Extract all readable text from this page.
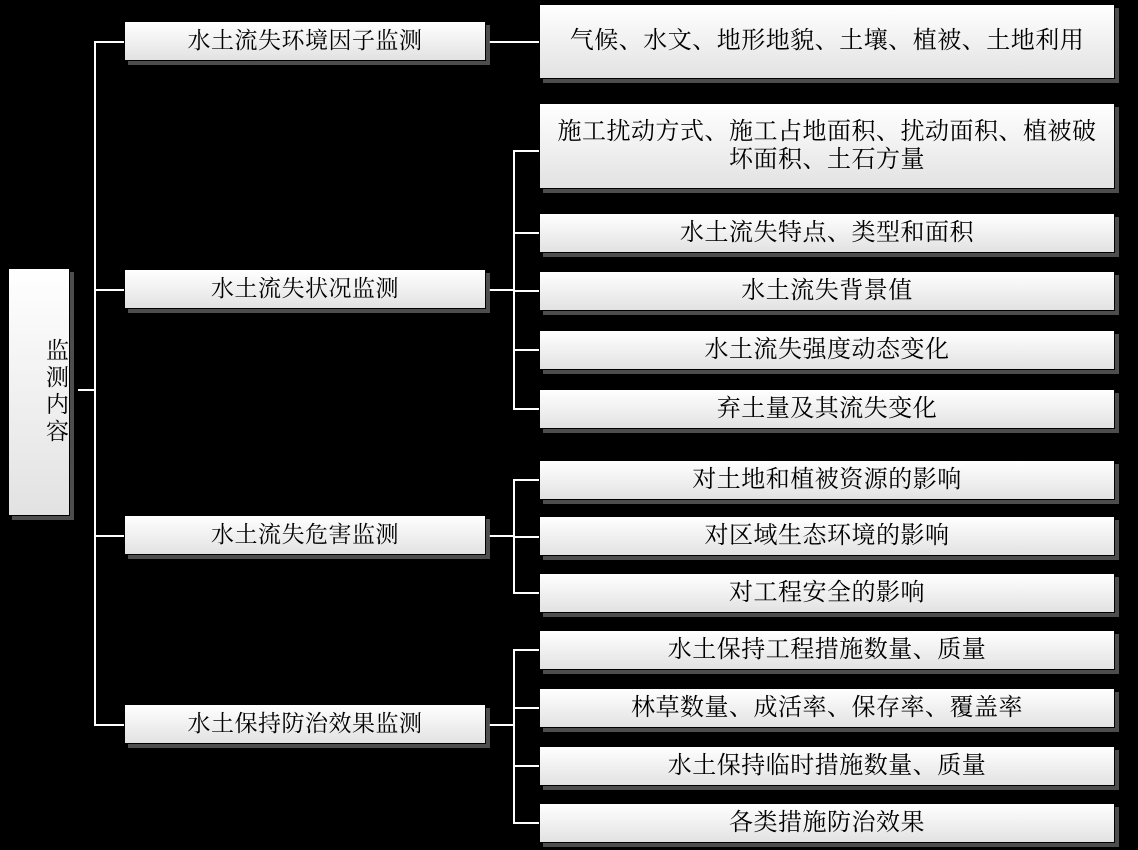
监测内容
水土流失环境因子监测
水土流失状况监测
水土流失危害监测
水土保持防治效果监测
气候、水文、地形地貌、土壤、植被、土地利用
施工扰动方式、施工占地面积、扰动面积、植被破坏面积、土石方量
水土流失特点、类型和面积
水土流失背景值
水土流失强度动态变化
弃土量及其流失变化
对土地和植被资源的影响
对区域生态环境的影响
对工程安全的影响
水土保持工程措施数量、质量
林草数量、成活率、保存率、覆盖率
水土保持临时措施数量、质量
各类措施防治效果
